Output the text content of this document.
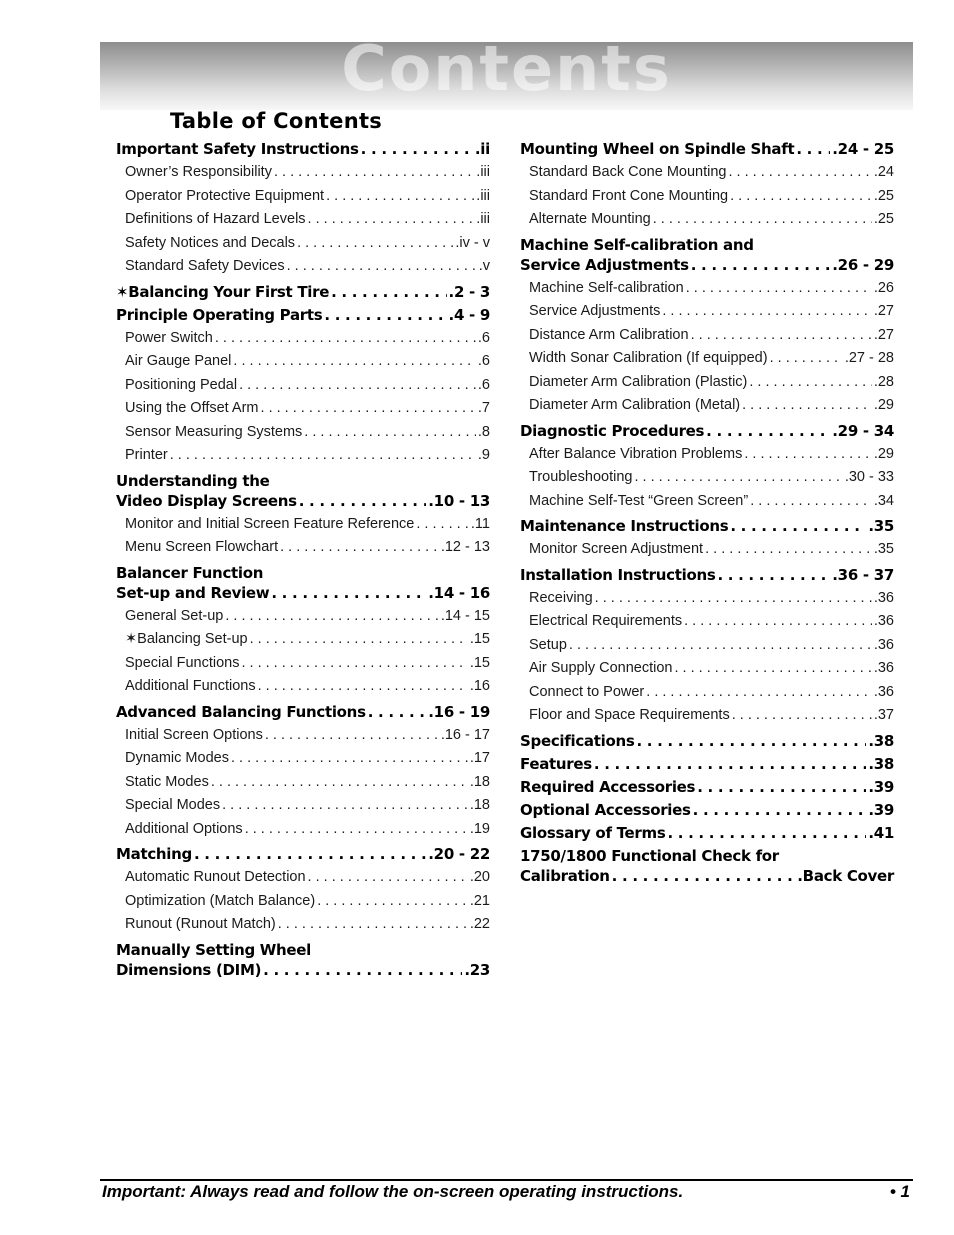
Contents
Table of Contents
Important Safety Instructions . . .	.ii
Owner’s Responsibility . . .	.iii
Operator Protective Equipment . . .	.iii
Definitions of Hazard Levels . . .	.iii
Safety Notices and Decals . . .	.iv - v
Standard Safety Devices . . .	.v
✶Balancing Your First Tire . . .	.2 - 3
Principle Operating Parts . . .	.4 - 9
Power Switch . . .	.6
Air Gauge Panel . . .	.6
Positioning Pedal . . .	.6
Using the Offset Arm . . .	.7
Sensor Measuring Systems . . .	.8
Printer . . .	.9
Understanding the
Video Display Screens . . .	.10 - 13
Monitor and Initial Screen Feature Reference . . .	.11
Menu Screen Flowchart . . .	.12 - 13
Balancer Function
Set-up and Review . . .	.14 - 16
General Set-up . . .	.14 - 15
✶Balancing Set-up . . .	.15
Special Functions . . .	.15
Additional Functions . . .	.16
Advanced Balancing Functions . . .	.16 - 19
Initial Screen Options . . .	.16 - 17
Dynamic Modes . . .	.17
Static Modes . . .	.18
Special Modes . . .	.18
Additional Options . . .	.19
Matching . . .	.20 - 22
Automatic Runout Detection . . .	.20
Optimization (Match Balance) . . .	.21
Runout (Runout Match) . . .	.22
Manually Setting Wheel
Dimensions (DIM) . . .	.23
Mounting Wheel on Spindle Shaft . . .	.24 - 25
Standard Back Cone Mounting . . .	.24
Standard Front Cone Mounting . . .	.25
Alternate Mounting . . .	.25
Machine Self-calibration and
Service Adjustments . . .	.26 - 29
Machine Self-calibration . . .	.26
Service Adjustments . . .	.27
Distance Arm Calibration . . .	.27
Width Sonar Calibration (If equipped) . . .	.27 - 28
Diameter Arm Calibration (Plastic) . . .	.28
Diameter Arm Calibration (Metal) . . .	.29
Diagnostic Procedures . . .	.29 - 34
After Balance Vibration Problems . . .	.29
Troubleshooting . . .	.30 - 33
Machine Self-Test “Green Screen” . . .	.34
Maintenance Instructions . . .	.35
Monitor Screen Adjustment . . .	.35
Installation Instructions . . .	.36 - 37
Receiving . . .	.36
Electrical Requirements . . .	.36
Setup . . .	.36
Air Supply Connection . . .	.36
Connect to Power . . .	.36
Floor and Space Requirements . . .	.37
Specifications . . .	.38
Features . . .	.38
Required Accessories . . .	.39
Optional Accessories . . .	.39
Glossary of Terms . . .	.41
1750/1800 Functional Check for
Calibration . . .	.Back Cover
Important: Always read and follow the on-screen operating instructions.	• 1
